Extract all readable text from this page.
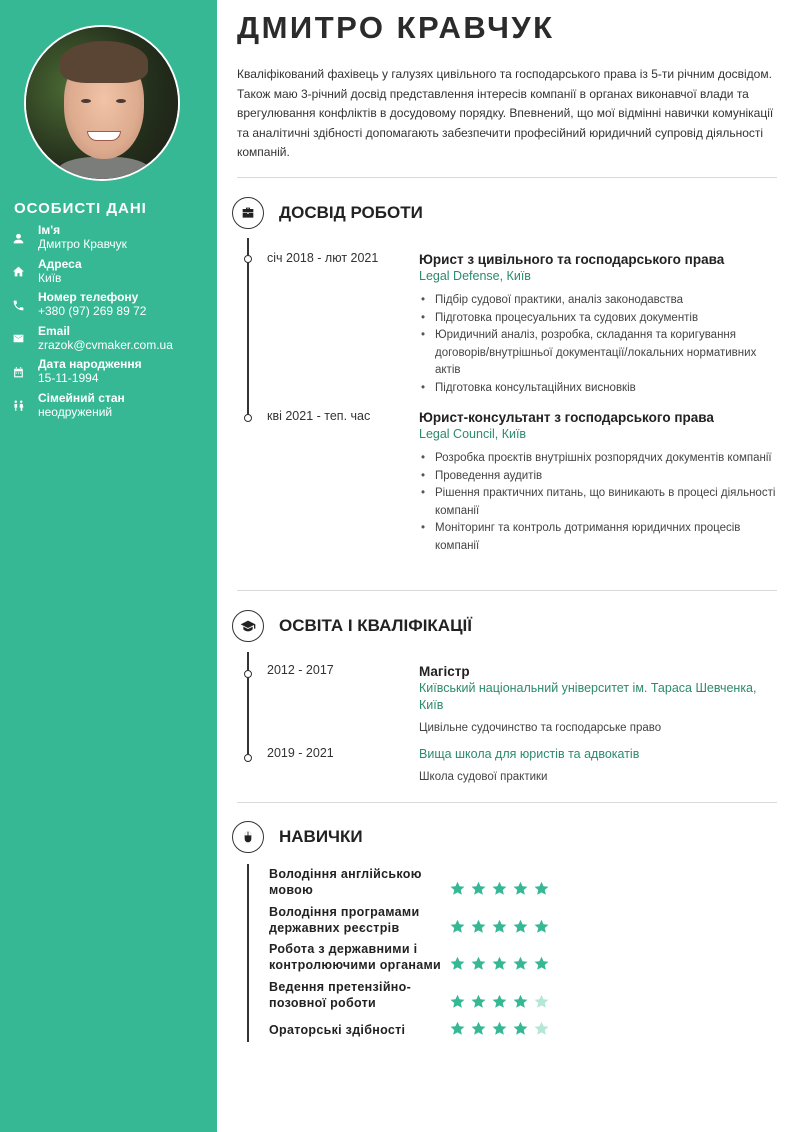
ОСОБИСТІ ДАНІ
Ім'я
Дмитро Кравчук
Адреса
Київ
Номер телефону
+380 (97) 269 89 72
Email
zrazok@cvmaker.com.ua
Дата народження
15-11-1994
Сімейний стан
неодружений
ДМИТРО КРАВЧУК

Кваліфікований фахівець у галузях цивільного та господарського права із 5-ти річним досвідом. Також маю 3-річний досвід представлення інтересів компанії в органах виконавчої влади та врегулювання конфліктів в досудовому порядку. Впевнений, що мої відмінні навички комунікації та аналітичні здібності допомагають забезпечити професійний юридичний супровід діяльності компаній.

ДОСВІД РОБОТИ
січ 2018 - лют 2021	Юрист з цивільного та господарського права
Legal Defense, Київ
• Підбір судової практики, аналіз законодавства
• Підготовка процесуальних та судових документів
• Юридичний аналіз, розробка, складання та коригування договорів/внутрішньої документації/локальних нормативних актів
• Підготовка консультаційних висновків
кві 2021 - теп. час	Юрист-консультант з господарського права
Legal Council, Київ
• Розробка проєктів внутрішніх розпорядчих документів компанії
• Проведення аудитів
• Рішення практичних питань, що виникають в процесі діяльності компанії
• Моніторинг та контроль дотримання юридичних процесів компанії
ОСВІТА І КВАЛІФІКАЦІЇ
2012 - 2017	Магістр
Київський національний університет ім. Тараса Шевченка, Київ
Цивільне судочинство та господарське право
2019 - 2021	Вища школа для юристів та адвокатів
Школа судової практики
НАВИЧКИ
Володіння англійською мовою
Володіння програмами державних реєстрів
Робота з державними і контролюючими органами
Ведення претензійно-позовної роботи
Ораторські здібності
